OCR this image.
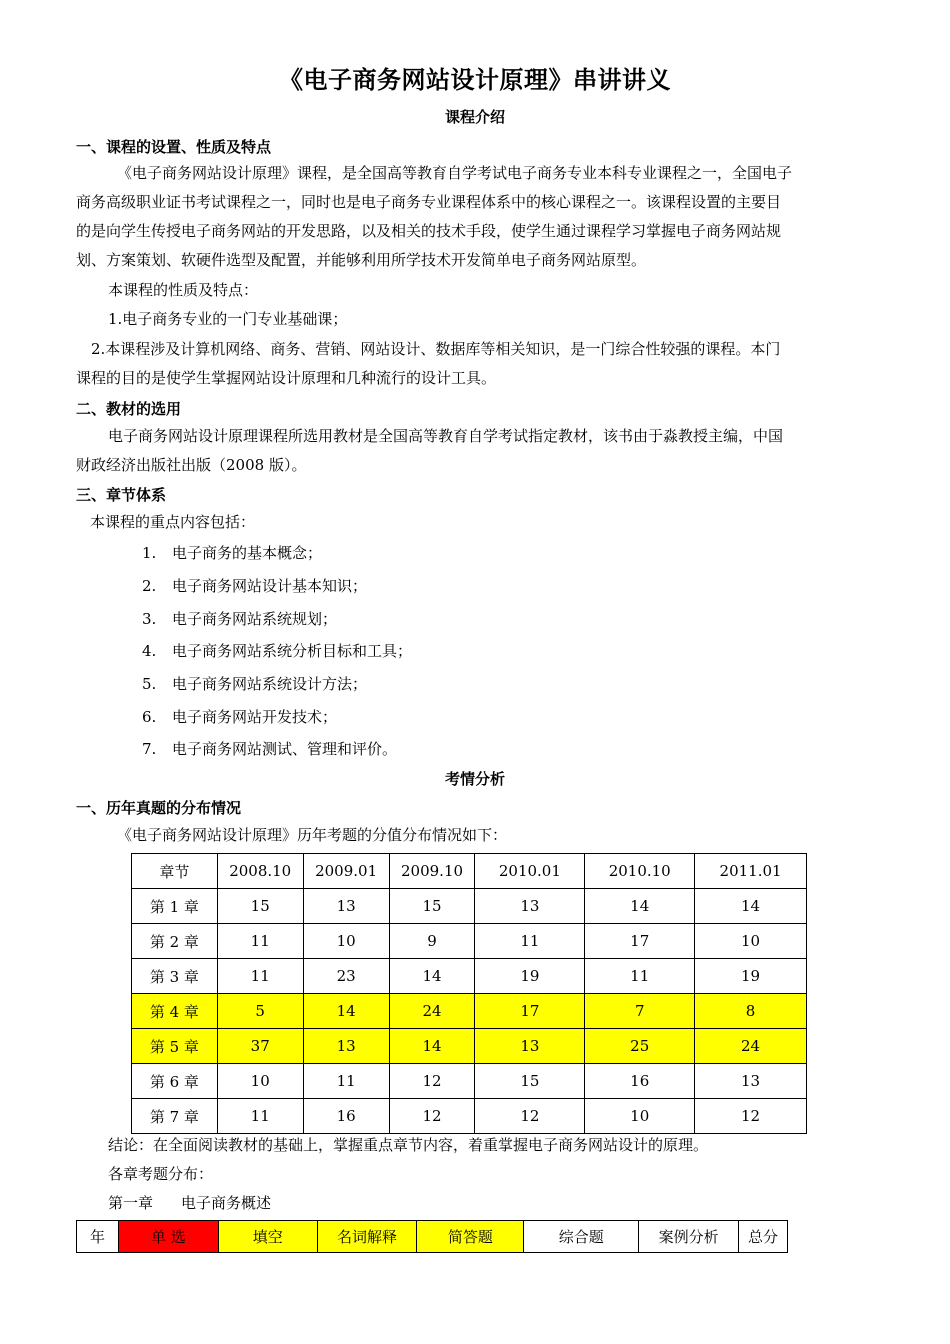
《电子商务网站设计原理》串讲讲义
课程介绍
一、课程的设置、性质及特点
《电子商务网站设计原理》课程，是全国高等教育自学考试电子商务专业本科专业课程之一，全国电子
商务高级职业证书考试课程之一，同时也是电子商务专业课程体系中的核心课程之一。该课程设置的主要目
的是向学生传授电子商务网站的开发思路，以及相关的技术手段，使学生通过课程学习掌握电子商务网站规
划、方案策划、软硬件选型及配置，并能够利用所学技术开发简单电子商务网站原型。
本课程的性质及特点：
1.电子商务专业的一门专业基础课；
2.本课程涉及计算机网络、商务、营销、网站设计、数据库等相关知识，是一门综合性较强的课程。本门
课程的目的是使学生掌握网站设计原理和几种流行的设计工具。
二、教材的选用
电子商务网站设计原理课程所选用教材是全国高等教育自学考试指定教材，该书由于淼教授主编，中国
财政经济出版社出版（2008 版）。
三、章节体系
本课程的重点内容包括：
1. 电子商务的基本概念；
2. 电子商务网站设计基本知识；
3. 电子商务网站系统规划；
4. 电子商务网站系统分析目标和工具；
5. 电子商务网站系统设计方法；
6. 电子商务网站开发技术；
7. 电子商务网站测试、管理和评价。
考情分析
一、历年真题的分布情况
《电子商务网站设计原理》历年考题的分值分布情况如下：
章节	2008.10	2009.01	2009.10	2010.01	2010.10	2011.01
第 1 章	15	13	15	13	14	14
第 2 章	11	10	9	11	17	10
第 3 章	11	23	14	19	11	19
第 4 章	5	14	24	17	7	8
第 5 章	37	13	14	13	25	24
第 6 章	10	11	12	15	16	13
第 7 章	11	16	12	12	10	12
结论：在全面阅读教材的基础上，掌握重点章节内容，着重掌握电子商务网站设计的原理。
各章考题分布：
第一章 电子商务概述
年	单 选	填空	名词解释	简答题	综合题	案例分析	总分
